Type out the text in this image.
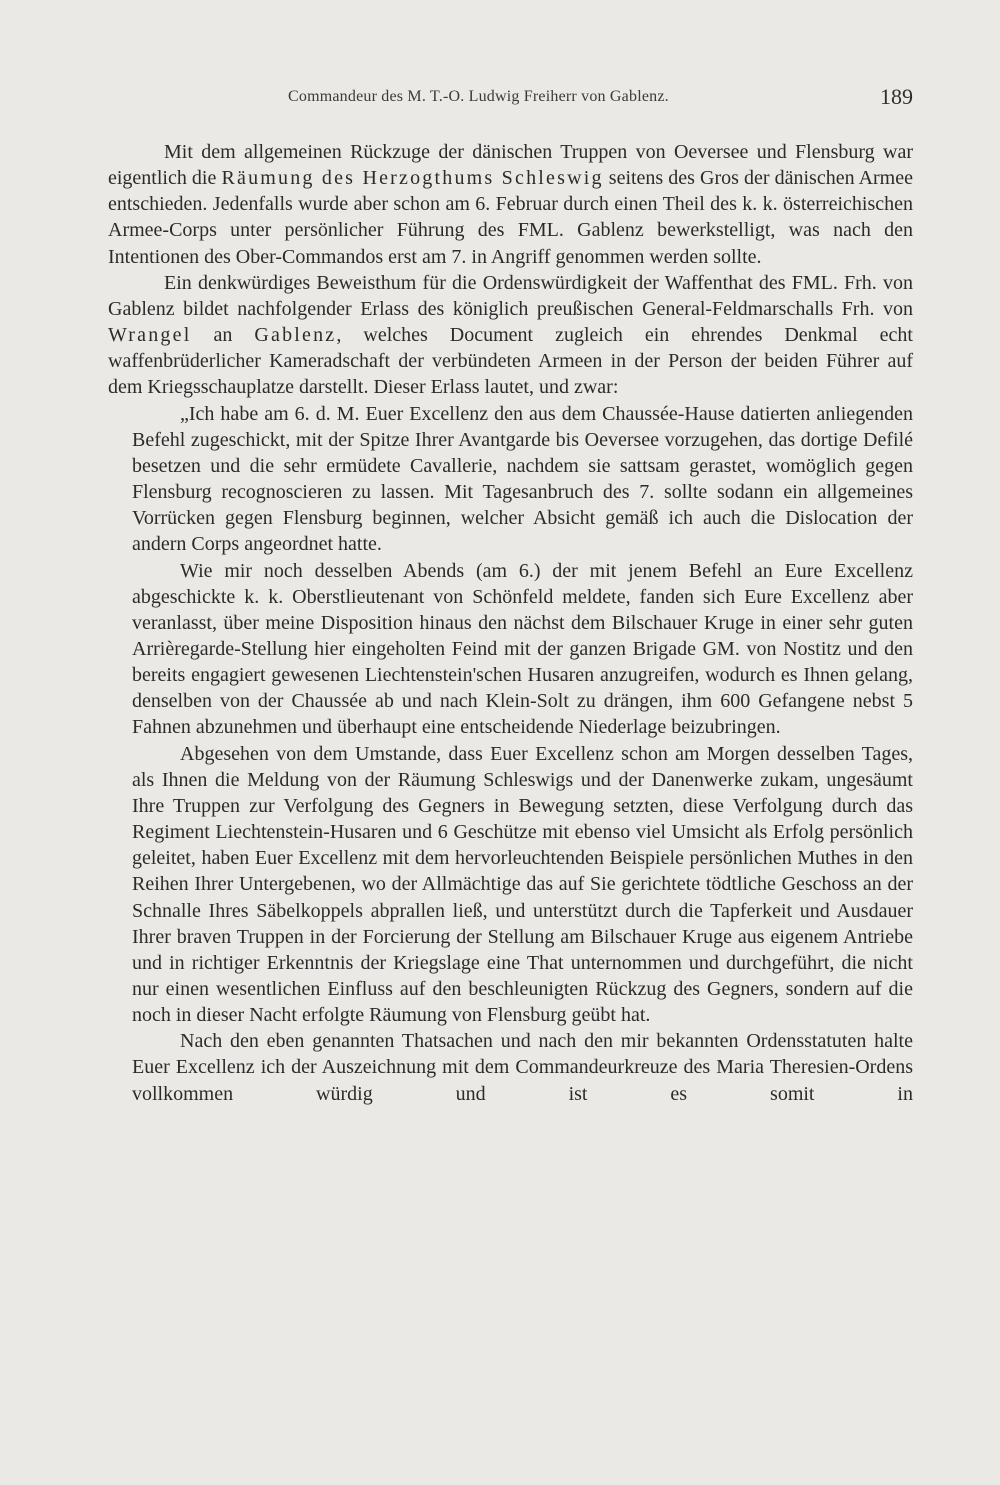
Commandeur des M. T.-O. Ludwig Freiherr von Gablenz.	189

Mit dem allgemeinen Rückzuge der dänischen Truppen von Oeversee und Flensburg war eigentlich die Räumung des Herzogthums Schleswig seitens des Gros der dänischen Armee entschieden. Jedenfalls wurde aber schon am 6. Februar durch einen Theil des k. k. österreichischen Armee-Corps unter persönlicher Führung des FML. Gablenz bewerkstelligt, was nach den Intentionen des Ober-Commandos erst am 7. in Angriff genommen werden sollte.

Ein denkwürdiges Beweisthum für die Ordenswürdigkeit der Waffenthat des FML. Frh. von Gablenz bildet nachfolgender Erlass des königlich preußischen General-Feldmarschalls Frh. von Wrangel an Gablenz, welches Document zugleich ein ehrendes Denkmal echt waffenbrüderlicher Kameradschaft der verbündeten Armeen in der Person der beiden Führer auf dem Kriegsschauplatze darstellt. Dieser Erlass lautet, und zwar:

„Ich habe am 6. d. M. Euer Excellenz den aus dem Chaussée-Hause datierten anliegenden Befehl zugeschickt, mit der Spitze Ihrer Avantgarde bis Oeversee vorzugehen, das dortige Defilé besetzen und die sehr ermüdete Cavallerie, nachdem sie sattsam gerastet, womöglich gegen Flensburg recognoscieren zu lassen. Mit Tagesanbruch des 7. sollte sodann ein allgemeines Vorrücken gegen Flensburg beginnen, welcher Absicht gemäß ich auch die Dislocation der andern Corps angeordnet hatte.

Wie mir noch desselben Abends (am 6.) der mit jenem Befehl an Eure Excellenz abgeschickte k. k. Oberstlieutenant von Schönfeld meldete, fanden sich Eure Excellenz aber veranlasst, über meine Disposition hinaus den nächst dem Bilschauer Kruge in einer sehr guten Arrièregarde-Stellung hier eingeholten Feind mit der ganzen Brigade GM. von Nostitz und den bereits engagiert gewesenen Liechtenstein'schen Husaren anzugreifen, wodurch es Ihnen gelang, denselben von der Chaussée ab und nach Klein-Solt zu drängen, ihm 600 Gefangene nebst 5 Fahnen abzunehmen und überhaupt eine entscheidende Niederlage beizubringen.

Abgesehen von dem Umstande, dass Euer Excellenz schon am Morgen desselben Tages, als Ihnen die Meldung von der Räumung Schleswigs und der Danenwerke zukam, ungesäumt Ihre Truppen zur Verfolgung des Gegners in Bewegung setzten, diese Verfolgung durch das Regiment Liechtenstein-Husaren und 6 Geschütze mit ebenso viel Umsicht als Erfolg persönlich geleitet, haben Euer Excellenz mit dem hervorleuchtenden Beispiele persönlichen Muthes in den Reihen Ihrer Untergebenen, wo der Allmächtige das auf Sie gerichtete tödtliche Geschoss an der Schnalle Ihres Säbelkoppels abprallen ließ, und unterstützt durch die Tapferkeit und Ausdauer Ihrer braven Truppen in der Forcierung der Stellung am Bilschauer Kruge aus eigenem Antriebe und in richtiger Erkenntnis der Kriegslage eine That unternommen und durchgeführt, die nicht nur einen wesentlichen Einfluss auf den beschleunigten Rückzug des Gegners, sondern auf die noch in dieser Nacht erfolgte Räumung von Flensburg geübt hat.

Nach den eben genannten Thatsachen und nach den mir bekannten Ordensstatuten halte Euer Excellenz ich der Auszeichnung mit dem Commandeurkreuze des Maria Theresien-Ordens vollkommen würdig und ist es somit in
